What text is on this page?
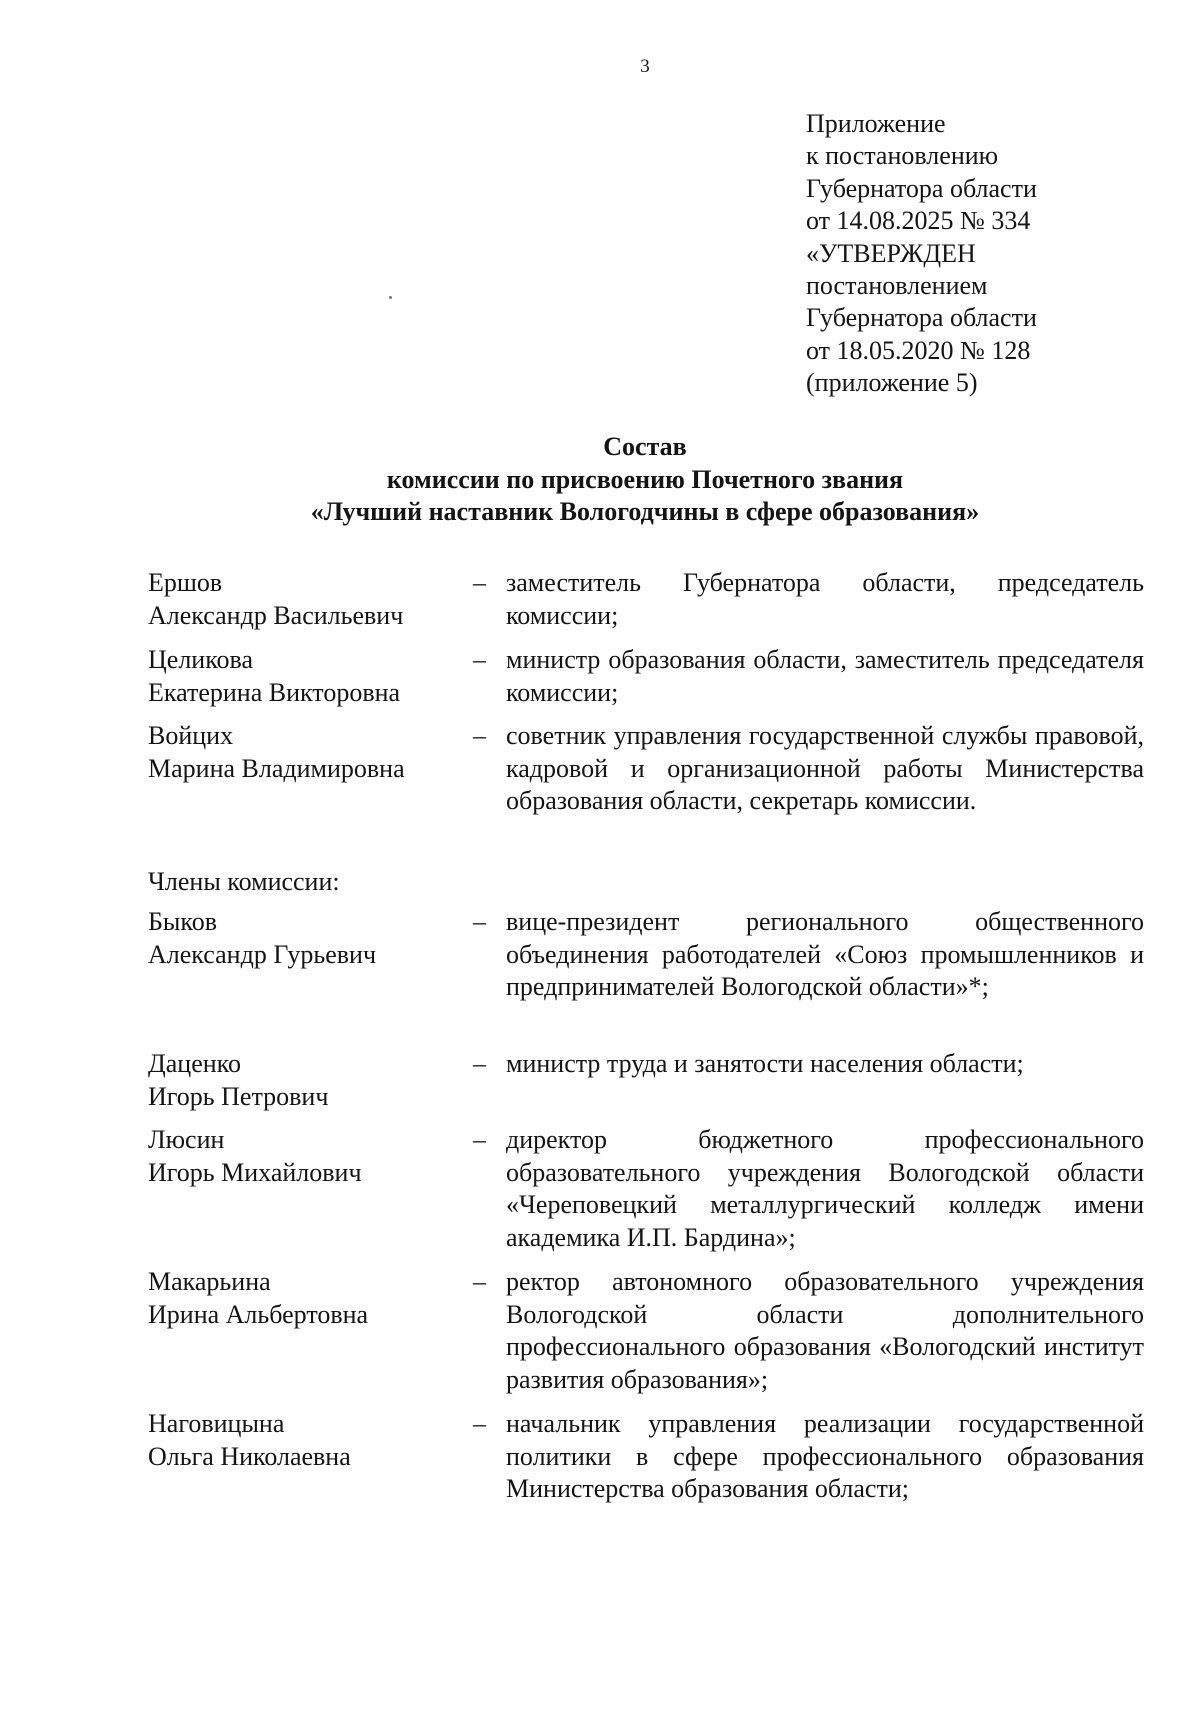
3
Приложение
к постановлению
Губернатора области
от 14.08.2025 № 334
«УТВЕРЖДЕН
постановлением
Губернатора области
от 18.05.2020 № 128
(приложение 5)
Состав
комиссии по присвоению Почетного звания
«Лучший наставник Вологодчины в сфере образования»
Ершов
Александр Васильевич
– заместитель Губернатора области, председатель комиссии;
Целикова
Екатерина Викторовна
– министр образования области, заместитель председателя комиссии;
Войцих
Марина Владимировна
– советник управления государственной службы правовой, кадровой и организационной работы Министерства образования области, секретарь комиссии.
Члены комиссии:
Быков
Александр Гурьевич
– вице-президент регионального общественного объединения работодателей «Союз промышленников и предпринимателей Вологодской области»*;
Даценко
Игорь Петрович
– министр труда и занятости населения области;
Люсин
Игорь Михайлович
– директор бюджетного профессионального образовательного учреждения Вологодской области «Череповецкий металлургический колледж имени академика И.П. Бардина»;
Макарьина
Ирина Альбертовна
– ректор автономного образовательного учреждения Вологодской области дополнительного профессионального образования «Вологодский институт развития образования»;
Наговицына
Ольга Николаевна
– начальник управления реализации государственной политики в сфере профессионального образования Министерства образования области;
